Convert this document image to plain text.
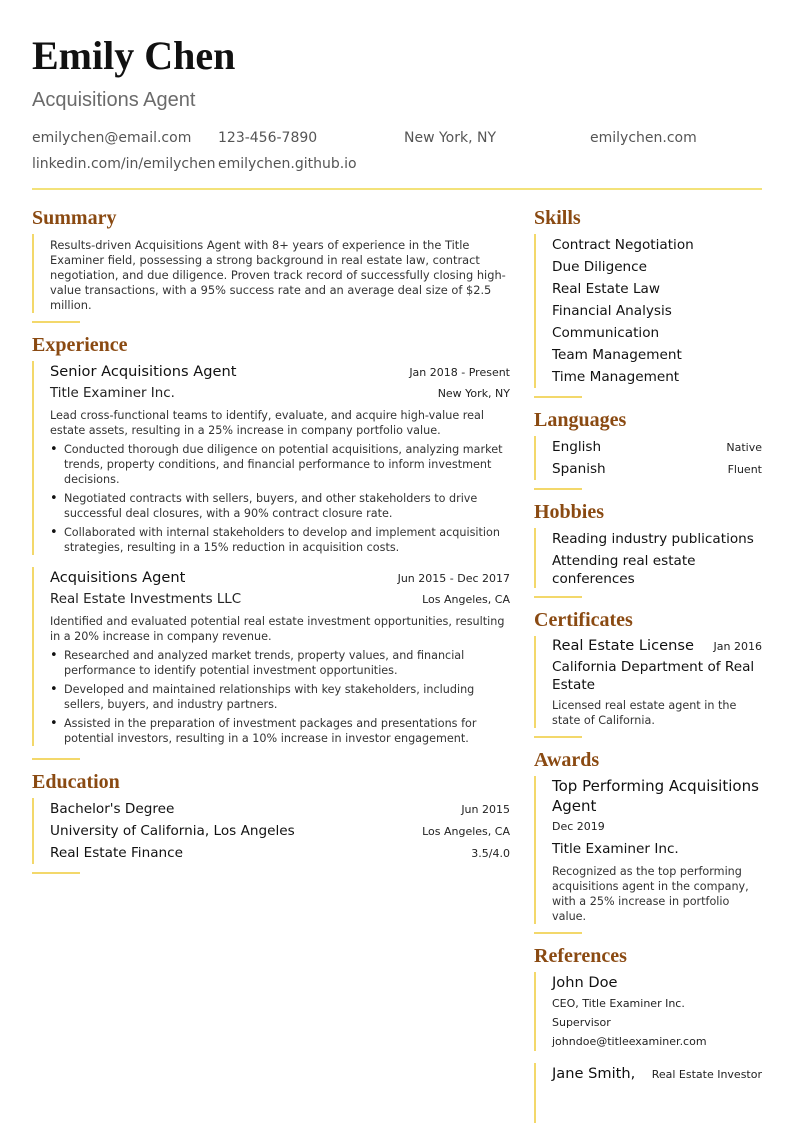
Emily Chen
Acquisitions Agent
emilychen@email.com	123-456-7890	New York, NY	emilychen.com
linkedin.com/in/emilychen emilychen.github.io
Summary
Results-driven Acquisitions Agent with 8+ years of experience in the Title Examiner field, possessing a strong background in real estate law, contract negotiation, and due diligence. Proven track record of successfully closing high-value transactions, with a 95% success rate and an average deal size of $2.5 million.
Experience
Senior Acquisitions Agent	Jan 2018 - Present
Title Examiner Inc.	New York, NY
Lead cross-functional teams to identify, evaluate, and acquire high-value real estate assets, resulting in a 25% increase in company portfolio value.
• Conducted thorough due diligence on potential acquisitions, analyzing market trends, property conditions, and financial performance to inform investment decisions.
• Negotiated contracts with sellers, buyers, and other stakeholders to drive successful deal closures, with a 90% contract closure rate.
• Collaborated with internal stakeholders to develop and implement acquisition strategies, resulting in a 15% reduction in acquisition costs.
Acquisitions Agent	Jun 2015 - Dec 2017
Real Estate Investments LLC	Los Angeles, CA
Identified and evaluated potential real estate investment opportunities, resulting in a 20% increase in company revenue.
• Researched and analyzed market trends, property values, and financial performance to identify potential investment opportunities.
• Developed and maintained relationships with key stakeholders, including sellers, buyers, and industry partners.
• Assisted in the preparation of investment packages and presentations for potential investors, resulting in a 10% increase in investor engagement.
Education
Bachelor's Degree	Jun 2015
University of California, Los Angeles	Los Angeles, CA
Real Estate Finance	3.5/4.0
Skills
Contract Negotiation
Due Diligence
Real Estate Law
Financial Analysis
Communication
Team Management
Time Management
Languages
English	Native
Spanish	Fluent
Hobbies
Reading industry publications
Attending real estate conferences
Certificates
Real Estate License Jan 2016
California Department of Real Estate
Licensed real estate agent in the state of California.
Awards
Top Performing Acquisitions Agent
Dec 2019
Title Examiner Inc.
Recognized as the top performing acquisitions agent in the company, with a 25% increase in portfolio value.
References
John Doe
CEO, Title Examiner Inc.
Supervisor
johndoe@titleexaminer.com
Jane Smith, Real Estate Investor
